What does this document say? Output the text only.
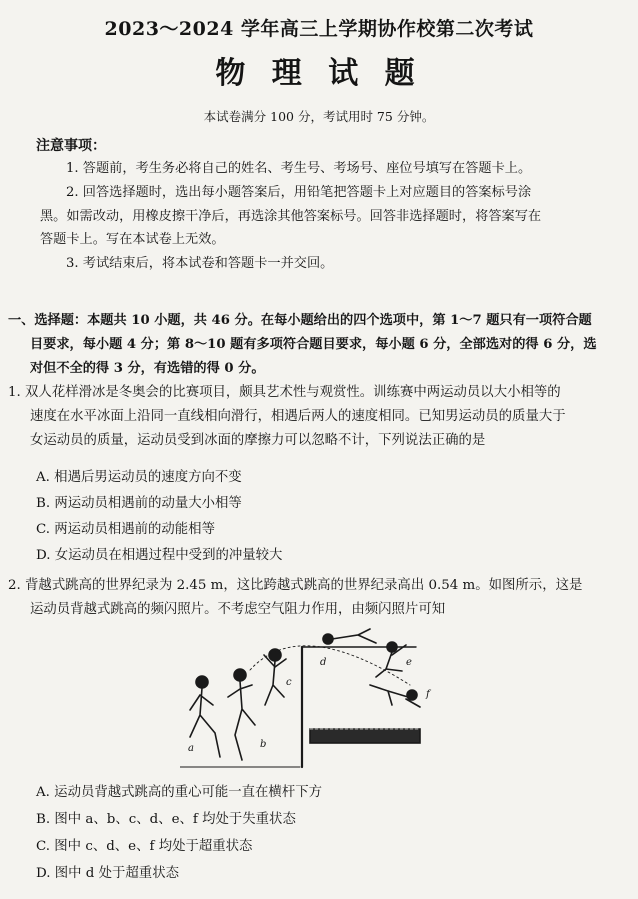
2023～2024 学年高三上学期协作校第二次考试
物 理 试 题
本试卷满分 100 分，考试用时 75 分钟。
注意事项：
1. 答题前，考生务必将自己的姓名、考生号、考场号、座位号填写在答题卡上。
2. 回答选择题时，选出每小题答案后，用铅笔把答题卡上对应题目的答案标号涂
黑。如需改动，用橡皮擦干净后，再选涂其他答案标号。回答非选择题时，将答案写在
答题卡上。写在本试卷上无效。
3. 考试结束后，将本试卷和答题卡一并交回。
一、选择题：本题共 10 小题，共 46 分。在每小题给出的四个选项中，第 1～7 题只有一项符合题
目要求，每小题 4 分；第 8～10 题有多项符合题目要求，每小题 6 分，全部选对的得 6 分，选
对但不全的得 3 分，有选错的得 0 分。
1. 双人花样滑冰是冬奥会的比赛项目，颇具艺术性与观赏性。训练赛中两运动员以大小相等的
速度在水平冰面上沿同一直线相向滑行，相遇后两人的速度相同。已知男运动员的质量大于
女运动员的质量，运动员受到冰面的摩擦力可以忽略不计，下列说法正确的是
A. 相遇后男运动员的速度方向不变
B. 两运动员相遇前的动量大小相等
C. 两运动员相遇前的动能相等
D. 女运动员在相遇过程中受到的冲量较大
2. 背越式跳高的世界纪录为 2.45 m，这比跨越式跳高的世界纪录高出 0.54 m。如图所示，这是
运动员背越式跳高的频闪照片。不考虑空气阻力作用，由频闪照片可知
a	b
c
d	e
f
A. 运动员背越式跳高的重心可能一直在横杆下方
B. 图中 a、b、c、d、e、f 均处于失重状态
C. 图中 c、d、e、f 均处于超重状态
D. 图中 d 处于超重状态
